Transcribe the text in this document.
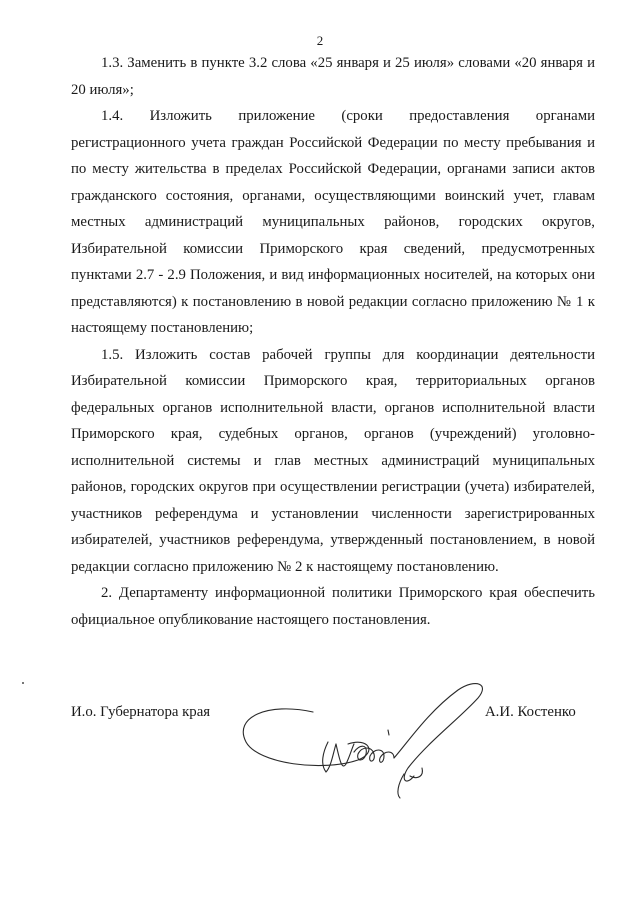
2

1.3. Заменить в пункте 3.2 слова «25 января и 25 июля» словами «20 января и 20 июля»;

1.4. Изложить приложение (сроки предоставления органами регистрационного учета граждан Российской Федерации по месту пребывания и по месту жительства в пределах Российской Федерации, органами записи актов гражданского состояния, органами, осуществляющими воинский учет, главам местных администраций муниципальных районов, городских округов, Избирательной комиссии Приморского края сведений, предусмотренных пунктами 2.7 - 2.9 Положения, и вид информационных носителей, на которых они представляются) к постановлению в новой редакции согласно приложению № 1 к настоящему постановлению;

1.5. Изложить состав рабочей группы для координации деятельности Избирательной комиссии Приморского края, территориальных органов федеральных органов исполнительной власти, органов исполнительной власти Приморского края, судебных органов, органов (учреждений) уголовно-исполнительной системы и глав местных администраций муниципальных районов, городских округов при осуществлении регистрации (учета) избирателей, участников референдума и установлении численности зарегистрированных избирателей, участников референдума, утвержденный постановлением, в новой редакции согласно приложению № 2 к настоящему постановлению.

2. Департаменту информационной политики Приморского края обеспечить официальное опубликование настоящего постановления.

И.о. Губернатора края	А.И. Костенко
